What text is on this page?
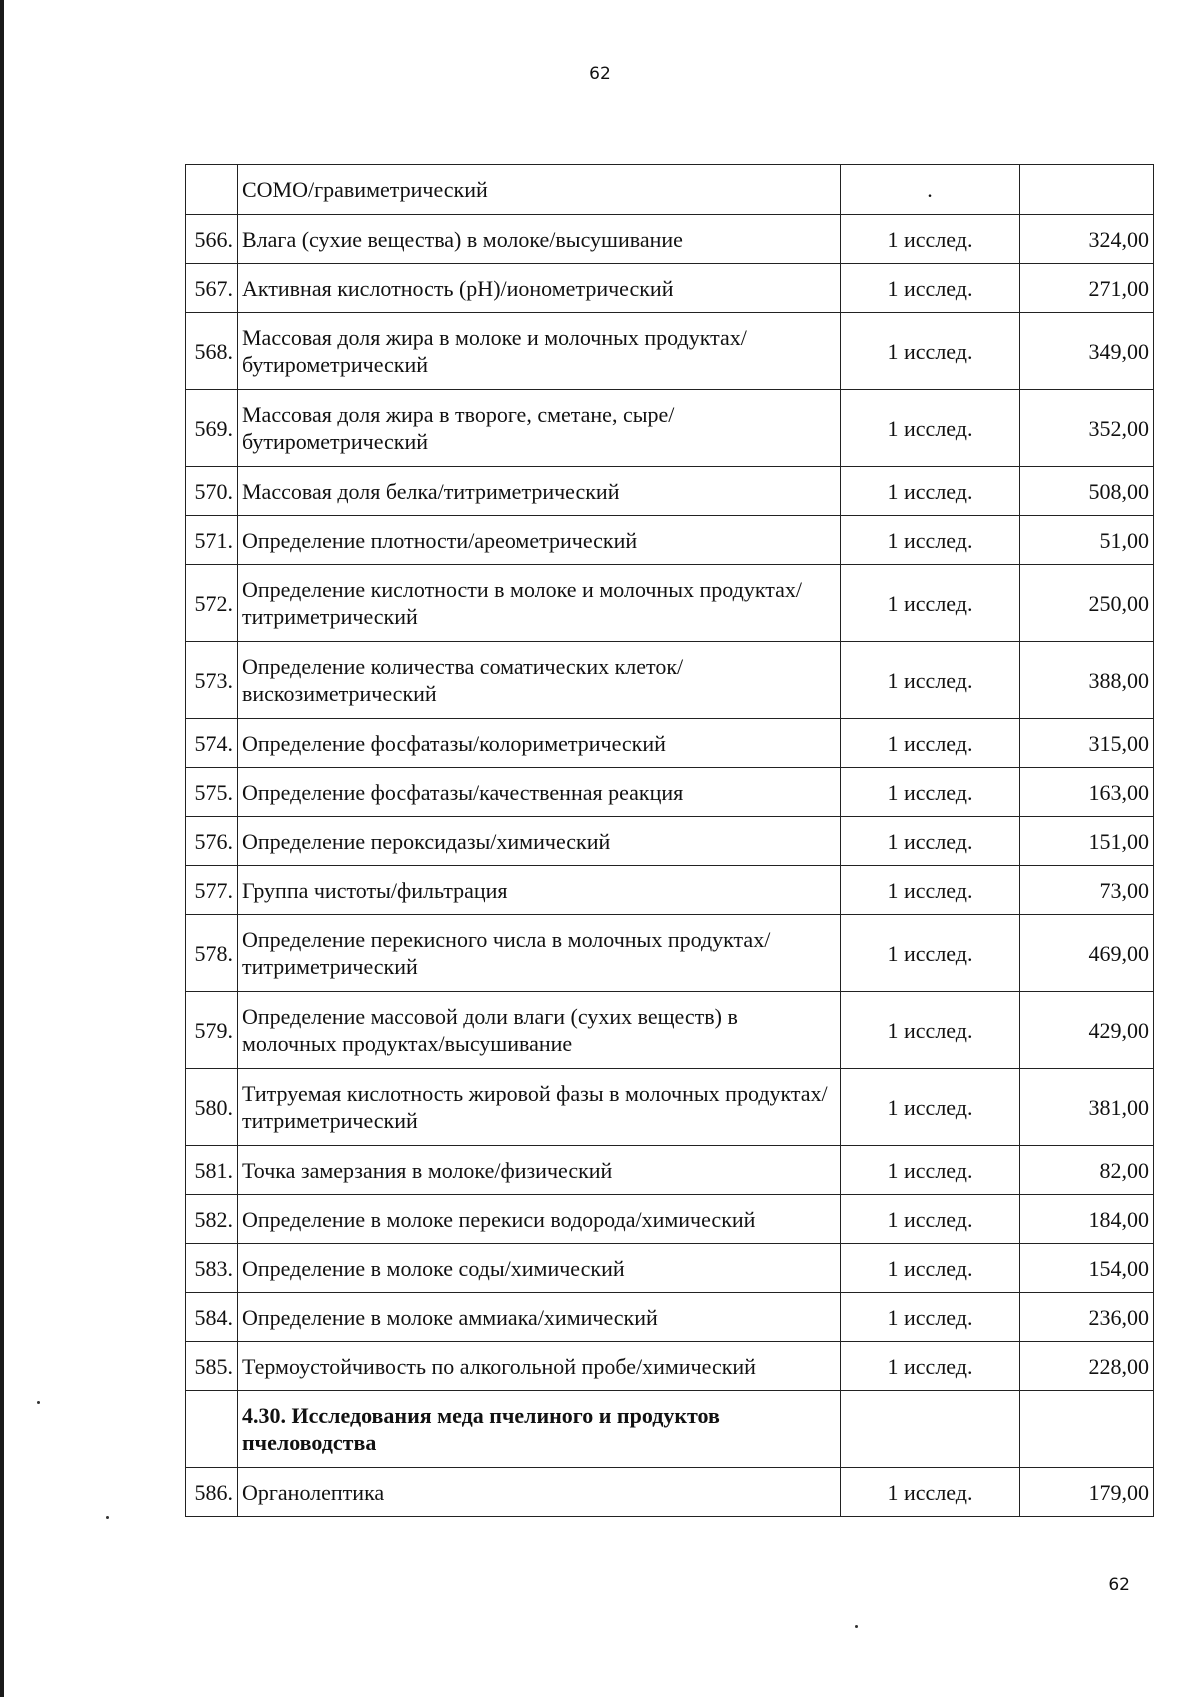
62
	СОМО/гравиметрический	.	
566.	Влага (сухие вещества) в молоке/высушивание	1 исслед.	324,00
567.	Активная кислотность (pH)/ионометрический	1 исслед.	271,00
568.	Массовая доля жира в молоке и молочных продуктах/бутирометрический	1 исслед.	349,00
569.	Массовая доля жира в твороге, сметане, сыре/бутирометрический	1 исслед.	352,00
570.	Массовая доля белка/титриметрический	1 исслед.	508,00
571.	Определение плотности/ареометрический	1 исслед.	51,00
572.	Определение кислотности в молоке и молочных продуктах/титриметрический	1 исслед.	250,00
573.	Определение количества соматических клеток/вискозиметрический	1 исслед.	388,00
574.	Определение фосфатазы/колориметрический	1 исслед.	315,00
575.	Определение фосфатазы/качественная реакция	1 исслед.	163,00
576.	Определение пероксидазы/химический	1 исслед.	151,00
577.	Группа чистоты/фильтрация	1 исслед.	73,00
578.	Определение перекисного числа в молочных продуктах/титриметрический	1 исслед.	469,00
579.	Определение массовой доли влаги (сухих веществ) в молочных продуктах/высушивание	1 исслед.	429,00
580.	Титруемая кислотность жировой фазы в молочных продуктах/титриметрический	1 исслед.	381,00
581.	Точка замерзания в молоке/физический	1 исслед.	82,00
582.	Определение в молоке перекиси водорода/химический	1 исслед.	184,00
583.	Определение в молоке соды/химический	1 исслед.	154,00
584.	Определение в молоке аммиака/химический	1 исслед.	236,00
585.	Термоустойчивость по алкогольной пробе/химический	1 исслед.	228,00
	4.30. Исследования меда пчелиного и продуктов пчеловодства		
586.	Органолептика	1 исслед.	179,00
62
